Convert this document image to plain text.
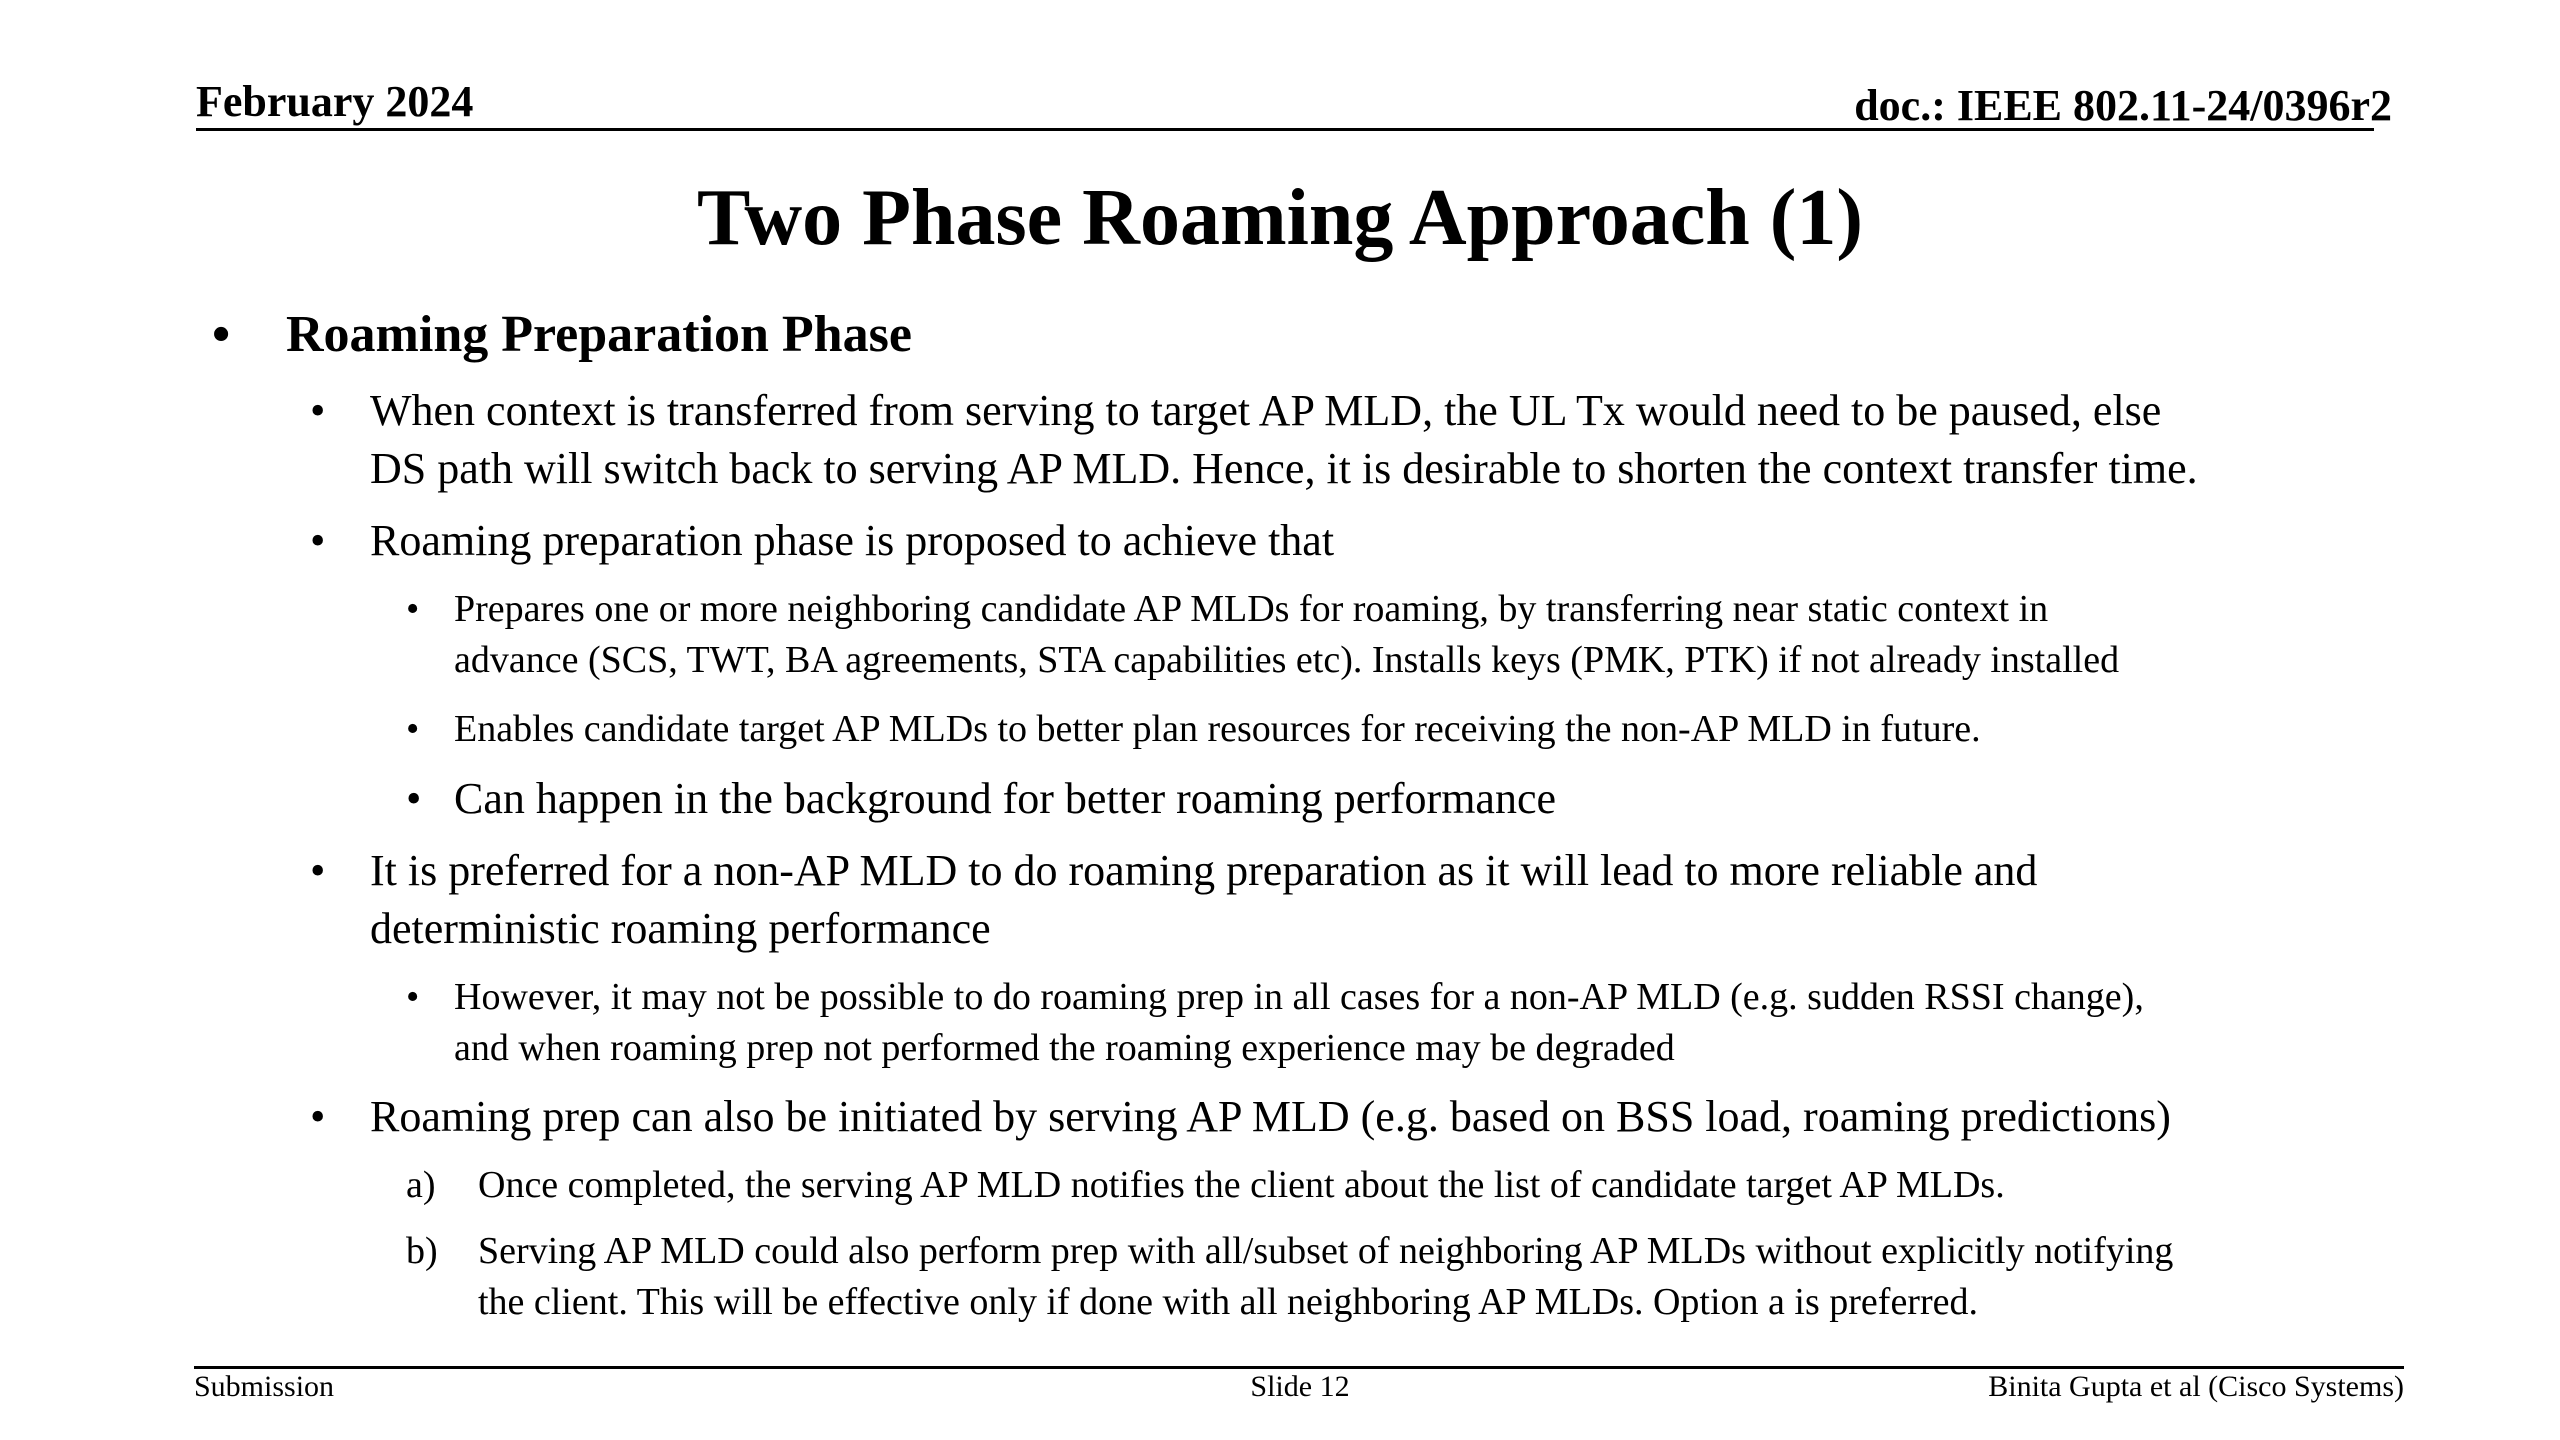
February 2024	doc.: IEEE 802.11-24/0396r2
Two Phase Roaming Approach (1)
• Roaming Preparation Phase
• When context is transferred from serving to target AP MLD, the UL Tx would need to be paused, else
DS path will switch back to serving AP MLD. Hence, it is desirable to shorten the context transfer time.
• Roaming preparation phase is proposed to achieve that
• Prepares one or more neighboring candidate AP MLDs for roaming, by transferring near static context in
advance (SCS, TWT, BA agreements, STA capabilities etc). Installs keys (PMK, PTK) if not already installed
• Enables candidate target AP MLDs to better plan resources for receiving the non-AP MLD in future.
• Can happen in the background for better roaming performance
• It is preferred for a non-AP MLD to do roaming preparation as it will lead to more reliable and
deterministic roaming performance
• However, it may not be possible to do roaming prep in all cases for a non-AP MLD (e.g. sudden RSSI change),
and when roaming prep not performed the roaming experience may be degraded
• Roaming prep can also be initiated by serving AP MLD (e.g. based on BSS load, roaming predictions)
a) Once completed, the serving AP MLD notifies the client about the list of candidate target AP MLDs.
b) Serving AP MLD could also perform prep with all/subset of neighboring AP MLDs without explicitly notifying
the client. This will be effective only if done with all neighboring AP MLDs. Option a is preferred.
Submission	Slide 12	Binita Gupta et al (Cisco Systems)
